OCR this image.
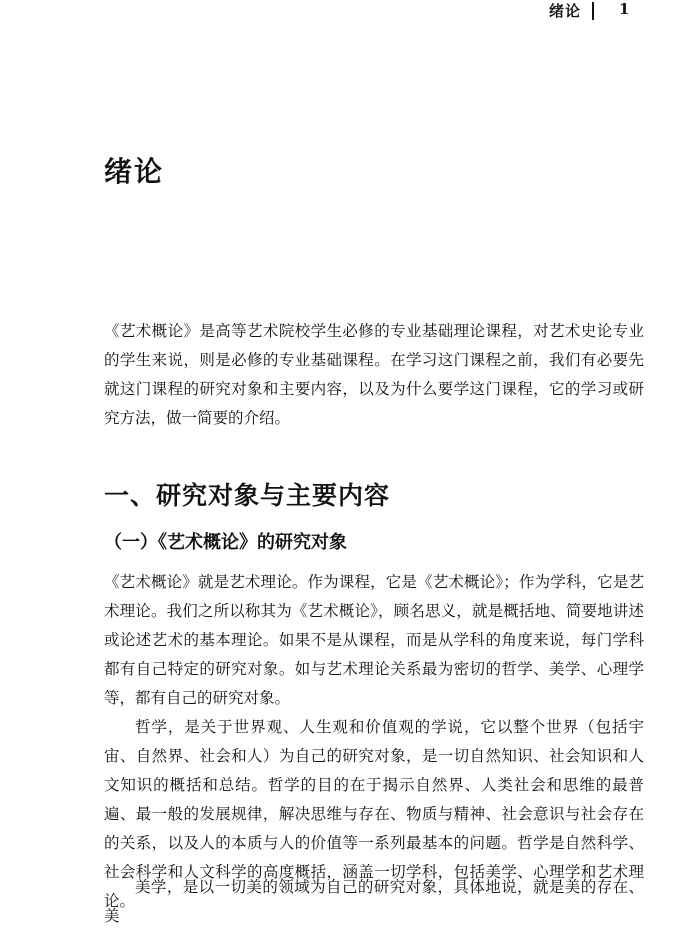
绪论	1
绪论

《艺术概论》是高等艺术院校学生必修的专业基础理论课程，对艺术史论专业的学生来说，则是必修的专业基础课程。在学习这门课程之前，我们有必要先就这门课程的研究对象和主要内容，以及为什么要学这门课程，它的学习或研究方法，做一简要的介绍。

一、研究对象与主要内容
（一）《艺术概论》的研究对象

《艺术概论》就是艺术理论。作为课程，它是《艺术概论》；作为学科，它是艺术理论。我们之所以称其为《艺术概论》，顾名思义，就是概括地、简要地讲述或论述艺术的基本理论。如果不是从课程，而是从学科的角度来说，每门学科都有自己特定的研究对象。如与艺术理论关系最为密切的哲学、美学、心理学等，都有自己的研究对象。

哲学，是关于世界观、人生观和价值观的学说，它以整个世界（包括宇宙、自然界、社会和人）为自己的研究对象，是一切自然知识、社会知识和人文知识的概括和总结。哲学的目的在于揭示自然界、人类社会和思维的最普遍、最一般的发展规律，解决思维与存在、物质与精神、社会意识与社会存在的关系，以及人的本质与人的价值等一系列最基本的问题。哲学是自然科学、社会科学和人文科学的高度概括，涵盖一切学科，包括美学、心理学和艺术理论。

美学，是以一切美的领域为自己的研究对象，具体地说，就是美的存在、美
